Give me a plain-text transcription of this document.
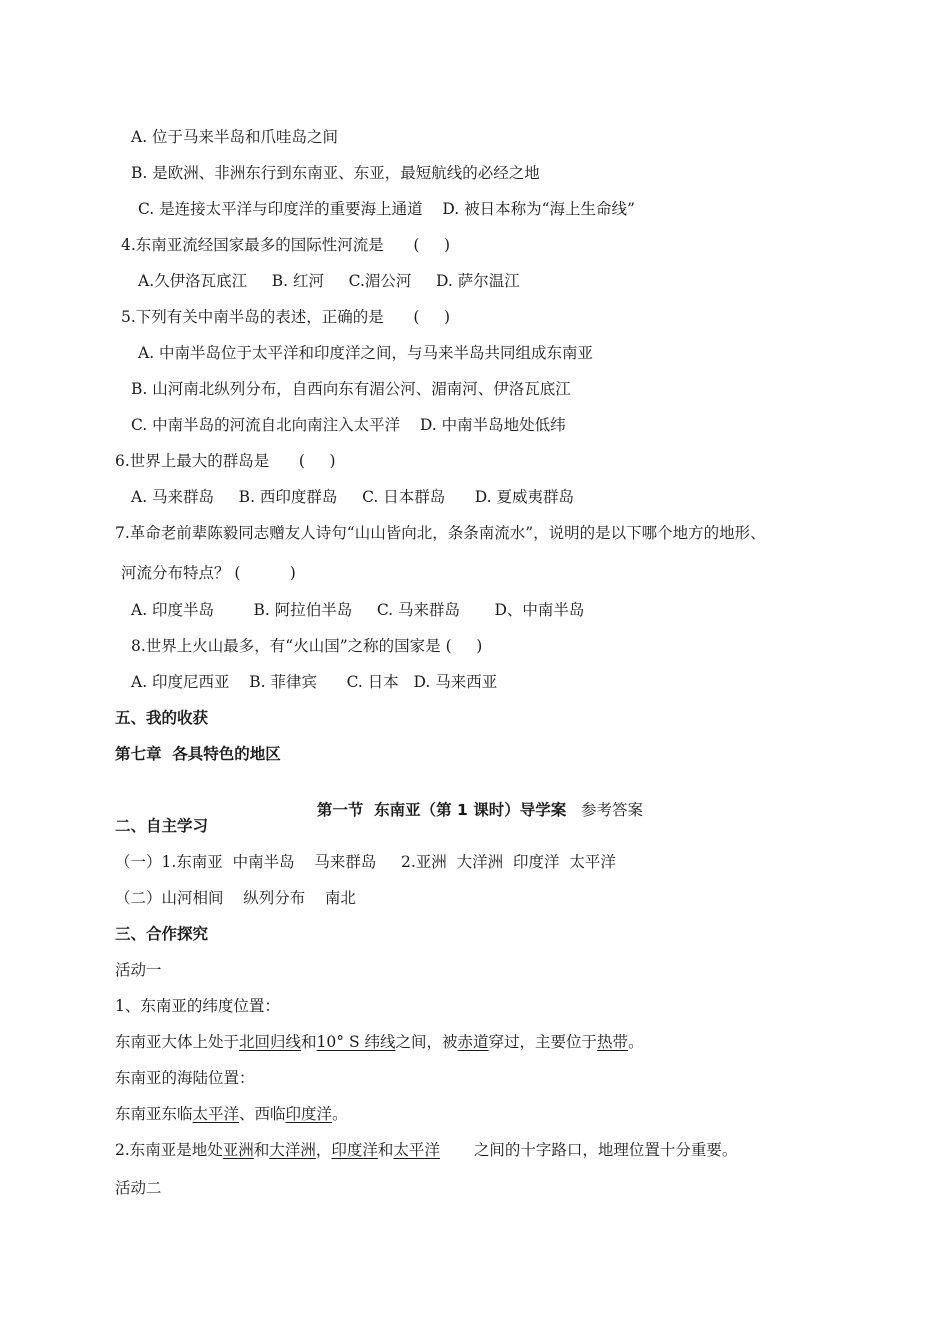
A. 位于马来半岛和爪哇岛之间
B. 是欧洲、非洲东行到东南亚、东亚，最短航线的必经之地
C. 是连接太平洋与印度洋的重要海上通道    D. 被日本称为“海上生命线”
4.东南亚流经国家最多的国际性河流是      (     )
A.久伊洛瓦底江     B. 红河     C.湄公河     D. 萨尔温江
5.下列有关中南半岛的表述，正确的是      (     )
A. 中南半岛位于太平洋和印度洋之间，与马来半岛共同组成东南亚
B. 山河南北纵列分布，自西向东有湄公河、湄南河、伊洛瓦底江
C. 中南半岛的河流自北向南注入太平洋    D. 中南半岛地处低纬
6.世界上最大的群岛是      (     )
A. 马来群岛     B. 西印度群岛     C. 日本群岛      D. 夏威夷群岛
7.革命老前辈陈毅同志赠友人诗句“山山皆向北，条条南流水”，说明的是以下哪个地方的地形、
河流分布特点？ (          )
A. 印度半岛        B. 阿拉伯半岛     C. 马来群岛       D、中南半岛
8.世界上火山最多，有“火山国”之称的国家是 (     )
A. 印度尼西亚    B. 菲律宾      C. 日本   D. 马来西亚
五、我的收获
第七章  各具特色的地区

第一节  东南亚（第 1 课时）导学案   参考答案

二、自主学习
（一）1.东南亚  中南半岛    马来群岛     2.亚洲  大洋洲  印度洋  太平洋
（二）山河相间    纵列分布    南北
三、合作探究
活动一
1、东南亚的纬度位置：
东南亚大体上处于北回归线和10° S 纬线之间，被赤道穿过，主要位于热带。
东南亚的海陆位置：
东南亚东临太平洋、西临印度洋。
2.东南亚是地处亚洲和大洋洲，印度洋和太平洋 之间的十字路口，地理位置十分重要。
活动二
